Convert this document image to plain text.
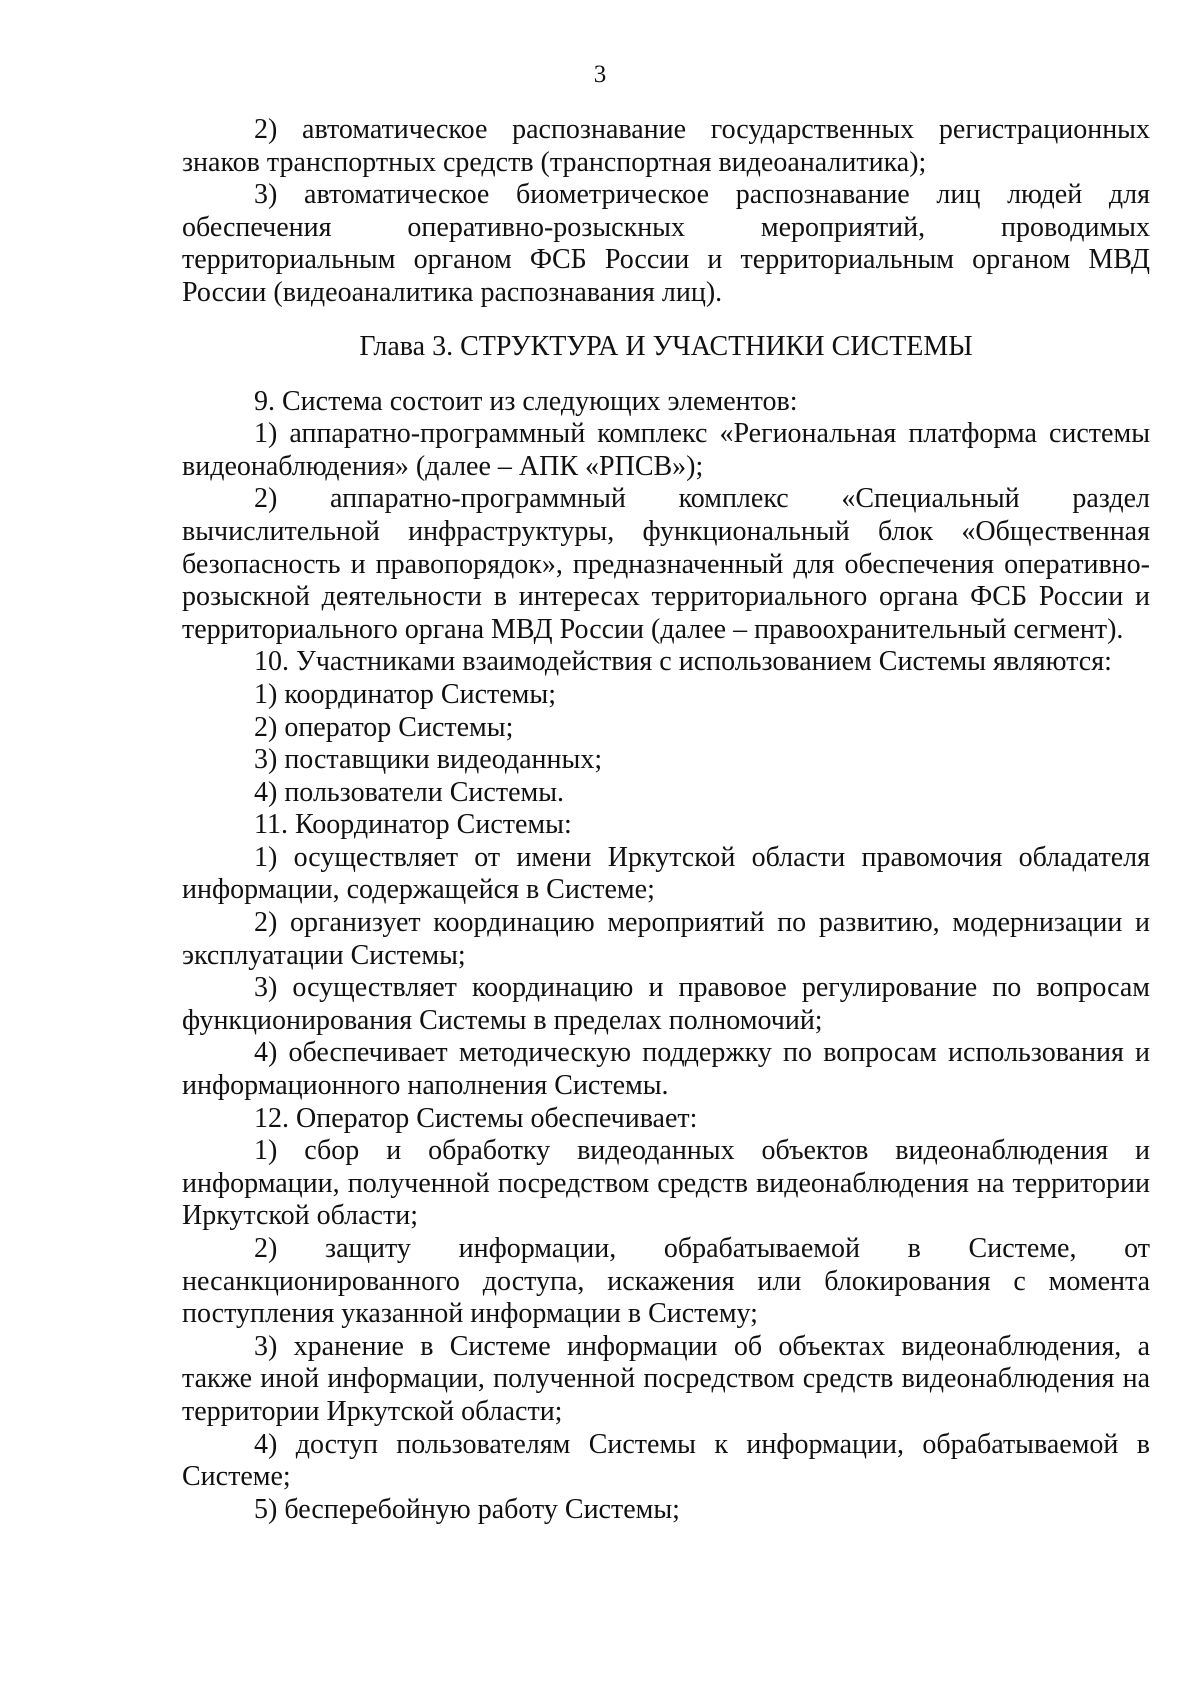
3

2) автоматическое распознавание государственных регистрационных знаков транспортных средств (транспортная видеоаналитика);

3) автоматическое биометрическое распознавание лиц людей для обеспечения оперативно-розыскных мероприятий, проводимых территориальным органом ФСБ России и территориальным органом МВД России (видеоаналитика распознавания лиц).

Глава 3. СТРУКТУРА И УЧАСТНИКИ СИСТЕМЫ

9. Система состоит из следующих элементов:

1) аппаратно-программный комплекс «Региональная платформа системы видеонаблюдения» (далее – АПК «РПСВ»);

2) аппаратно-программный комплекс «Специальный раздел вычислительной инфраструктуры, функциональный блок «Общественная безопасность и правопорядок», предназначенный для обеспечения оперативно-розыскной деятельности в интересах территориального органа ФСБ России и территориального органа МВД России (далее – правоохранительный сегмент).

10. Участниками взаимодействия с использованием Системы являются:

1) координатор Системы;

2) оператор Системы;

3) поставщики видеоданных;

4) пользователи Системы.

11. Координатор Системы:

1) осуществляет от имени Иркутской области правомочия обладателя информации, содержащейся в Системе;

2) организует координацию мероприятий по развитию, модернизации и эксплуатации Системы;

3) осуществляет координацию и правовое регулирование по вопросам функционирования Системы в пределах полномочий;

4) обеспечивает методическую поддержку по вопросам использования и информационного наполнения Системы.

12. Оператор Системы обеспечивает:

1) сбор и обработку видеоданных объектов видеонаблюдения и информации, полученной посредством средств видеонаблюдения на территории Иркутской области;

2) защиту информации, обрабатываемой в Системе, от несанкционированного доступа, искажения или блокирования с момента поступления указанной информации в Систему;

3) хранение в Системе информации об объектах видеонаблюдения, а также иной информации, полученной посредством средств видеонаблюдения на территории Иркутской области;

4) доступ пользователям Системы к информации, обрабатываемой в Системе;

5) бесперебойную работу Системы;
